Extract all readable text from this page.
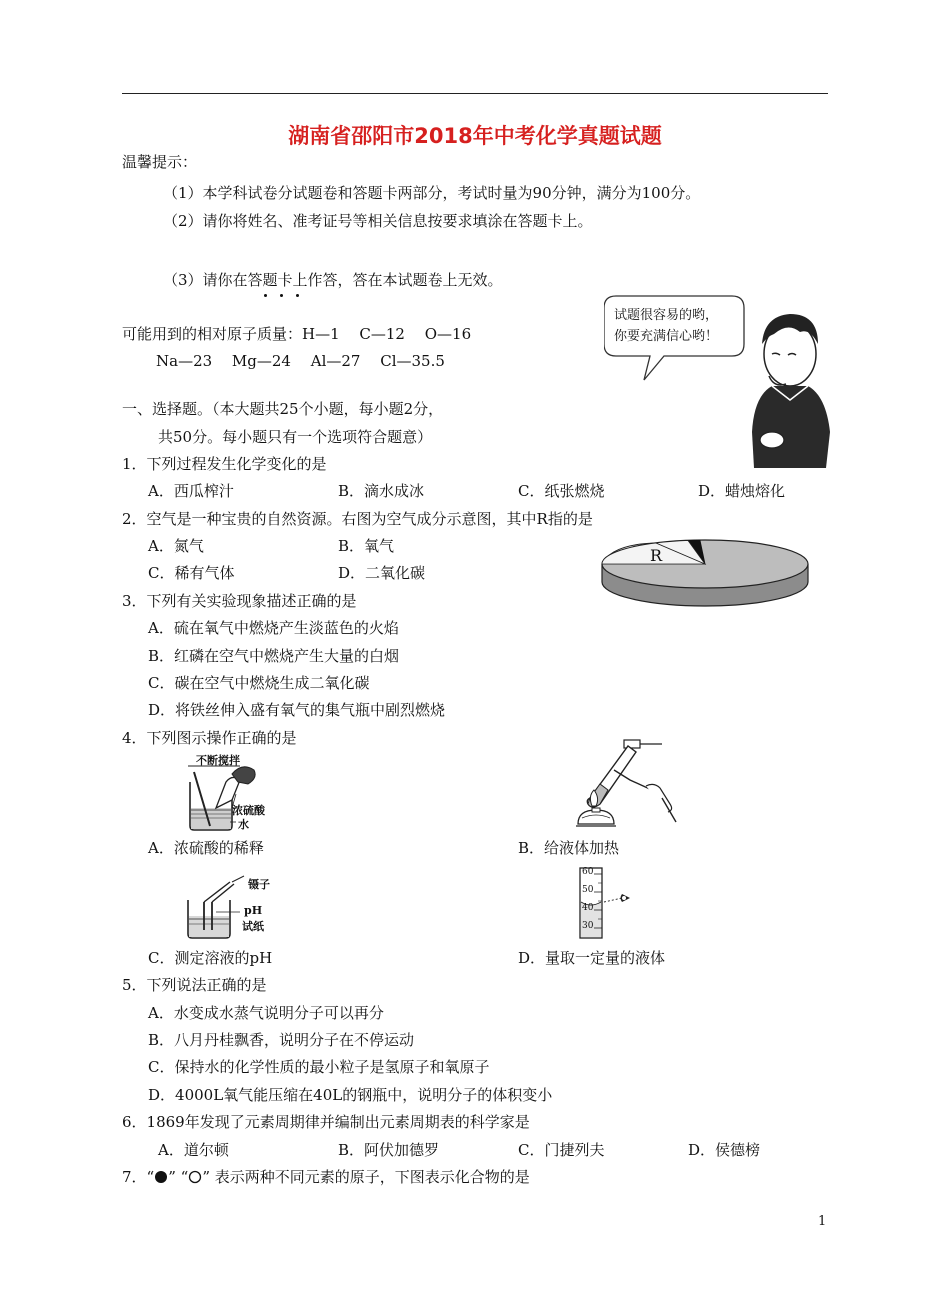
湖南省邵阳市2018年中考化学真题试题
温馨提示：
（1）本学科试卷分试题卷和答题卡两部分，考试时量为90分钟，满分为100分。
（2）请你将姓名、准考证号等相关信息按要求填涂在答题卡上。
（3）请你在答题卡上作答，答在本试题卷上无效。
可能用到的相对原子质量：H—1　 C—12　 O—16
Na—23　 Mg—24　 Al—27　 Cl—35.5
试题很容易的哟，
你要充满信心哟！
一、选择题。（本大题共25个小题，每小题2分，
共50分。每小题只有一个选项符合题意）
1．下列过程发生化学变化的是
A．西瓜榨汁	B．滴水成冰	C．纸张燃烧	D．蜡烛熔化
2．空气是一种宝贵的自然资源。右图为空气成分示意图，其中R指的是
A．氮气	B．氧气
C．稀有气体	D．二氧化碳
R
3．下列有关实验现象描述正确的是
A．硫在氧气中燃烧产生淡蓝色的火焰
B．红磷在空气中燃烧产生大量的白烟
C．碳在空气中燃烧生成二氧化碳
D．将铁丝伸入盛有氧气的集气瓶中剧烈燃烧
4．下列图示操作正确的是
不断搅拌
浓硫酸
水
A．浓硫酸的稀释	B．给液体加热
镊子
pH
试纸
60
50
40
30
C．测定溶液的pH	D．量取一定量的液体
5．下列说法正确的是
A．水变成水蒸气说明分子可以再分
B．八月丹桂飘香，说明分子在不停运动
C．保持水的化学性质的最小粒子是氢原子和氧原子
D．4000L氧气能压缩在40L的钢瓶中，说明分子的体积变小
6．1869年发现了元素周期律并编制出元素周期表的科学家是
A．道尔顿	B．阿伏加德罗	C．门捷列夫	D．侯德榜
7．“ ” “ ” 表示两种不同元素的原子，下图表示化合物的是
1
